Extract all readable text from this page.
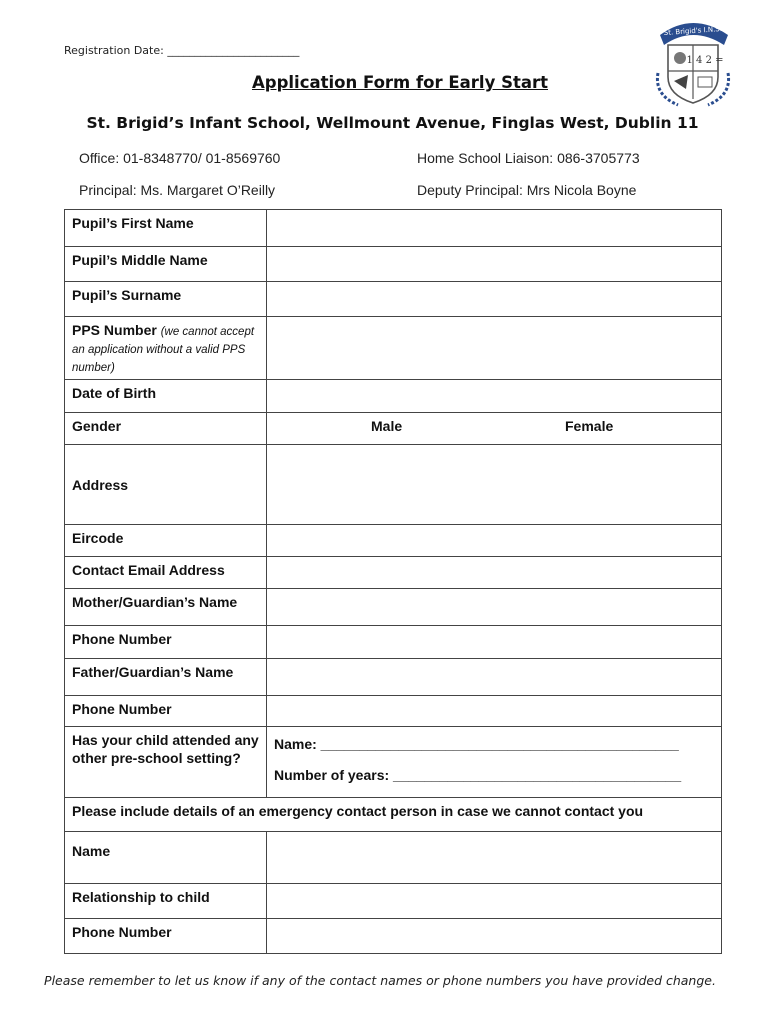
Registration Date: ________________________
St. Brigid's I.N.S.
1 4 2 =
Application Form for Early Start
St. Brigid’s Infant School, Wellmount Avenue, Finglas West, Dublin 11
Office: 01-8348770/ 01-8569760	Home School Liaison: 086-3705773
Principal: Ms. Margaret O’Reilly	Deputy Principal: Mrs Nicola Boyne
Pupil’s First Name	
Pupil’s Middle Name	
Pupil’s Surname	
PPS Number (we cannot accept an application without a valid PPS number)	
Date of Birth	
Gender	Male Female

Address	
Eircode	
Contact Email Address	
Mother/Guardian’s Name	
Phone Number	
Father/Guardian’s Name	
Phone Number	
Has your child attended any other pre-school setting?	Name: ______________________________________________
Number of years: _____________________________________

Please include details of an emergency contact person in case we cannot contact you	
Name	
Relationship to child	
Phone Number	
Please remember to let us know if any of the contact names or phone numbers you have provided change.
